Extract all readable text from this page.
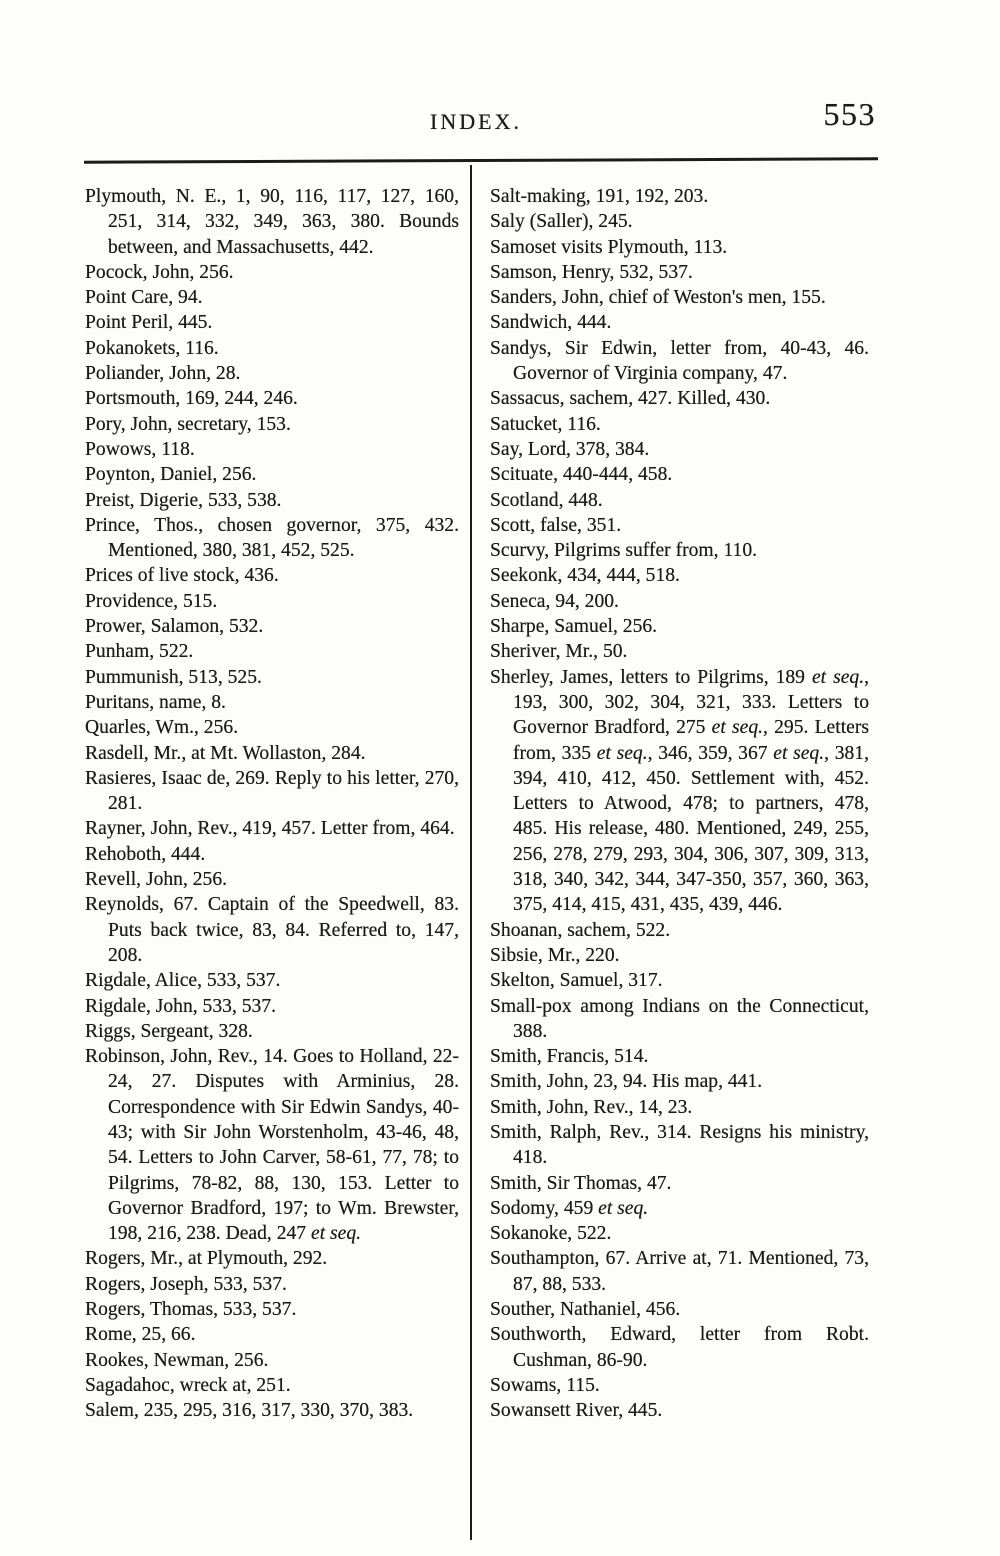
INDEX.	553

Plymouth, N. E., 1, 90, 116, 117, 127, 160, 251, 314, 332, 349, 363, 380. Bounds between, and Massachusetts, 442.

Pocock, John, 256.

Point Care, 94.

Point Peril, 445.

Pokanokets, 116.

Poliander, John, 28.

Portsmouth, 169, 244, 246.

Pory, John, secretary, 153.

Powows, 118.

Poynton, Daniel, 256.

Preist, Digerie, 533, 538.

Prince, Thos., chosen governor, 375, 432. Mentioned, 380, 381, 452, 525.

Prices of live stock, 436.

Providence, 515.

Prower, Salamon, 532.

Punham, 522.

Pummunish, 513, 525.

Puritans, name, 8.

Quarles, Wm., 256.

Rasdell, Mr., at Mt. Wollaston, 284.

Rasieres, Isaac de, 269. Reply to his letter, 270, 281.

Rayner, John, Rev., 419, 457. Letter from, 464.

Rehoboth, 444.

Revell, John, 256.

Reynolds, 67. Captain of the Speedwell, 83. Puts back twice, 83, 84. Referred to, 147, 208.

Rigdale, Alice, 533, 537.

Rigdale, John, 533, 537.

Riggs, Sergeant, 328.

Robinson, John, Rev., 14. Goes to Holland, 22-24, 27. Disputes with Arminius, 28. Correspondence with Sir Edwin Sandys, 40-43; with Sir John Worstenholm, 43-46, 48, 54. Letters to John Carver, 58-61, 77, 78; to Pilgrims, 78-82, 88, 130, 153. Letter to Governor Bradford, 197; to Wm. Brewster, 198, 216, 238. Dead, 247 et seq.

Rogers, Mr., at Plymouth, 292.

Rogers, Joseph, 533, 537.

Rogers, Thomas, 533, 537.

Rome, 25, 66.

Rookes, Newman, 256.

Sagadahoc, wreck at, 251.

Salem, 235, 295, 316, 317, 330, 370, 383.

Salt-making, 191, 192, 203.

Saly (Saller), 245.

Samoset visits Plymouth, 113.

Samson, Henry, 532, 537.

Sanders, John, chief of Weston's men, 155.

Sandwich, 444.

Sandys, Sir Edwin, letter from, 40-43, 46. Governor of Virginia company, 47.

Sassacus, sachem, 427. Killed, 430.

Satucket, 116.

Say, Lord, 378, 384.

Scituate, 440-444, 458.

Scotland, 448.

Scott, false, 351.

Scurvy, Pilgrims suffer from, 110.

Seekonk, 434, 444, 518.

Seneca, 94, 200.

Sharpe, Samuel, 256.

Sheriver, Mr., 50.

Sherley, James, letters to Pilgrims, 189 et seq., 193, 300, 302, 304, 321, 333. Letters to Governor Bradford, 275 et seq., 295. Letters from, 335 et seq., 346, 359, 367 et seq., 381, 394, 410, 412, 450. Settlement with, 452. Letters to Atwood, 478; to partners, 478, 485. His release, 480. Mentioned, 249, 255, 256, 278, 279, 293, 304, 306, 307, 309, 313, 318, 340, 342, 344, 347-350, 357, 360, 363, 375, 414, 415, 431, 435, 439, 446.

Shoanan, sachem, 522.

Sibsie, Mr., 220.

Skelton, Samuel, 317.

Small-pox among Indians on the Connecticut, 388.

Smith, Francis, 514.

Smith, John, 23, 94. His map, 441.

Smith, John, Rev., 14, 23.

Smith, Ralph, Rev., 314. Resigns his ministry, 418.

Smith, Sir Thomas, 47.

Sodomy, 459 et seq.

Sokanoke, 522.

Southampton, 67. Arrive at, 71. Mentioned, 73, 87, 88, 533.

Souther, Nathaniel, 456.

Southworth, Edward, letter from Robt. Cushman, 86-90.

Sowams, 115.

Sowansett River, 445.
